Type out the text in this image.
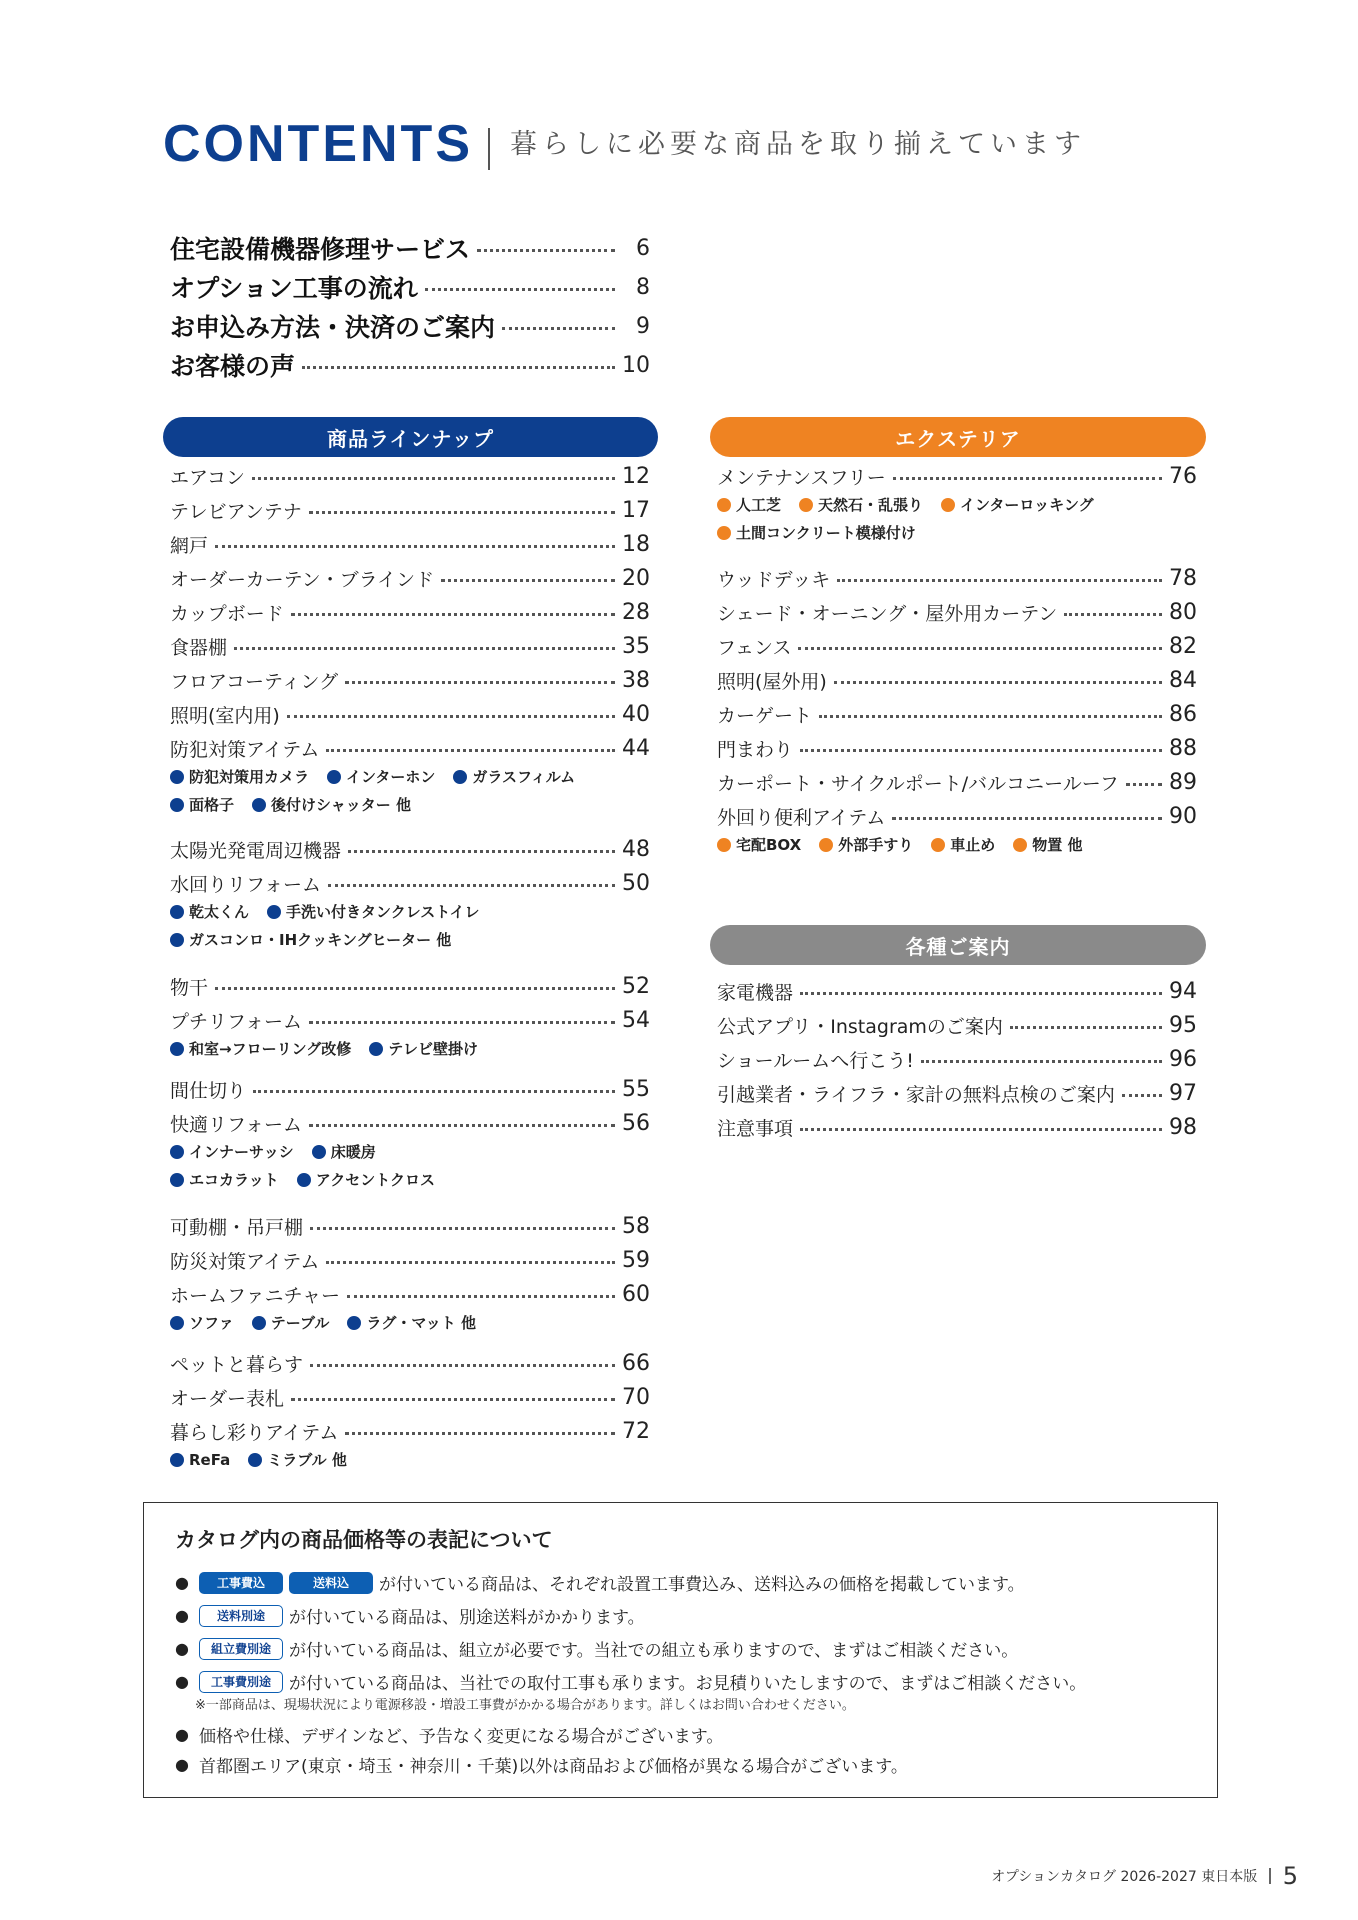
CONTENTS 暮らしに必要な商品を取り揃えています
住宅設備機器修理サービス	6
オプション工事の流れ	8
お申込み方法・決済のご案内	9
お客様の声	10
商品ラインナップ	エクステリア
各種ご案内
エアコン	12
テレビアンテナ	17
網戸	18
オーダーカーテン・ブラインド	20
カップボード	28
食器棚	35
フロアコーティング	38
照明(室内用)	40
防犯対策アイテム	44
防犯対策用カメラ インターホン ガラスフィルム
面格子 後付けシャッター 他
太陽光発電周辺機器	48
水回りリフォーム	50
乾太くん 手洗い付きタンクレストイレ
ガスコンロ・IHクッキングヒーター 他
物干	52
プチリフォーム	54
和室→フローリング改修 テレビ壁掛け
間仕切り	55
快適リフォーム	56
インナーサッシ 床暖房
エコカラット アクセントクロス
可動棚・吊戸棚	58
防災対策アイテム	59
ホームファニチャー	60
ソファ テーブル ラグ・マット 他
ペットと暮らす	66
オーダー表札	70
暮らし彩りアイテム	72
ReFa ミラブル 他
メンテナンスフリー	76
人工芝 天然石・乱張り インターロッキング
土間コンクリート模様付け
ウッドデッキ	78
シェード・オーニング・屋外用カーテン	80
フェンス	82
照明(屋外用)	84
カーゲート	86
門まわり	88
カーポート・サイクルポート/バルコニールーフ 89
外回り便利アイテム	90
宅配BOX 外部手すり 車止め 物置 他
家電機器	94
公式アプリ・Instagramのご案内	95
ショールームへ行こう!	96
引越業者・ライフラ・家計の無料点検のご案内 97
注意事項	98
カタログ内の商品価格等の表記について
●	工事費込	送料込	が付いている商品は、それぞれ設置工事費込み、送料込みの価格を掲載しています。
●	送料別途	が付いている商品は、別途送料がかかります。
●	組立費別途	が付いている商品は、組立が必要です。当社での組立も承りますので、まずはご相談ください。
●	工事費別途	が付いている商品は、当社での取付工事も承ります。お見積りいたしますので、まずはご相談ください。
※一部商品は、現場状況により電源移設・増設工事費がかかる場合があります。詳しくはお問い合わせください。
● 価格や仕様、デザインなど、予告なく変更になる場合がございます。
● 首都圏エリア(東京・埼玉・神奈川・千葉)以外は商品および価格が異なる場合がございます。
オプションカタログ 2026-2027 東日本版 5
